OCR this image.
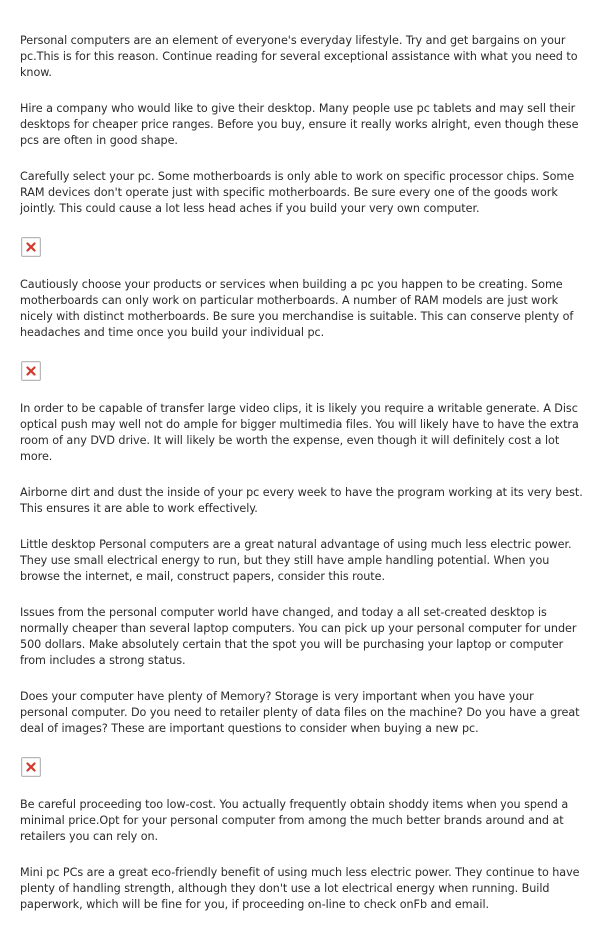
Personal computers are an element of everyone's everyday lifestyle. Try and get bargains on your pc.This is for this reason. Continue reading for several exceptional assistance with what you need to know.

Hire a company who would like to give their desktop. Many people use pc tablets and may sell their desktops for cheaper price ranges. Before you buy, ensure it really works alright, even though these pcs are often in good shape.

Carefully select your pc. Some motherboards is only able to work on specific processor chips. Some RAM devices don't operate just with specific motherboards. Be sure every one of the goods work jointly. This could cause a lot less head aches if you build your very own computer.

Cautiously choose your products or services when building a pc you happen to be creating. Some motherboards can only work on particular motherboards. A number of RAM models are just work nicely with distinct motherboards. Be sure you merchandise is suitable. This can conserve plenty of headaches and time once you build your individual pc.

In order to be capable of transfer large video clips, it is likely you require a writable generate. A Disc optical push may well not do ample for bigger multimedia files. You will likely have to have the extra room of any DVD drive. It will likely be worth the expense, even though it will definitely cost a lot more.

Airborne dirt and dust the inside of your pc every week to have the program working at its very best. This ensures it are able to work effectively.

Little desktop Personal computers are a great natural advantage of using much less electric power. They use small electrical energy to run, but they still have ample handling potential. When you browse the internet, e mail, construct papers, consider this route.

Issues from the personal computer world have changed, and today a all set-created desktop is normally cheaper than several laptop computers. You can pick up your personal computer for under 500 dollars. Make absolutely certain that the spot you will be purchasing your laptop or computer from includes a strong status.

Does your computer have plenty of Memory? Storage is very important when you have your personal computer. Do you need to retailer plenty of data files on the machine? Do you have a great deal of images? These are important questions to consider when buying a new pc.

Be careful proceeding too low-cost. You actually frequently obtain shoddy items when you spend a minimal price.Opt for your personal computer from among the much better brands around and at retailers you can rely on.

Mini pc PCs are a great eco-friendly benefit of using much less electric power. They continue to have plenty of handling strength, although they don't use a lot electrical energy when running. Build paperwork, which will be fine for you, if proceeding on-line to check onFb and email.
